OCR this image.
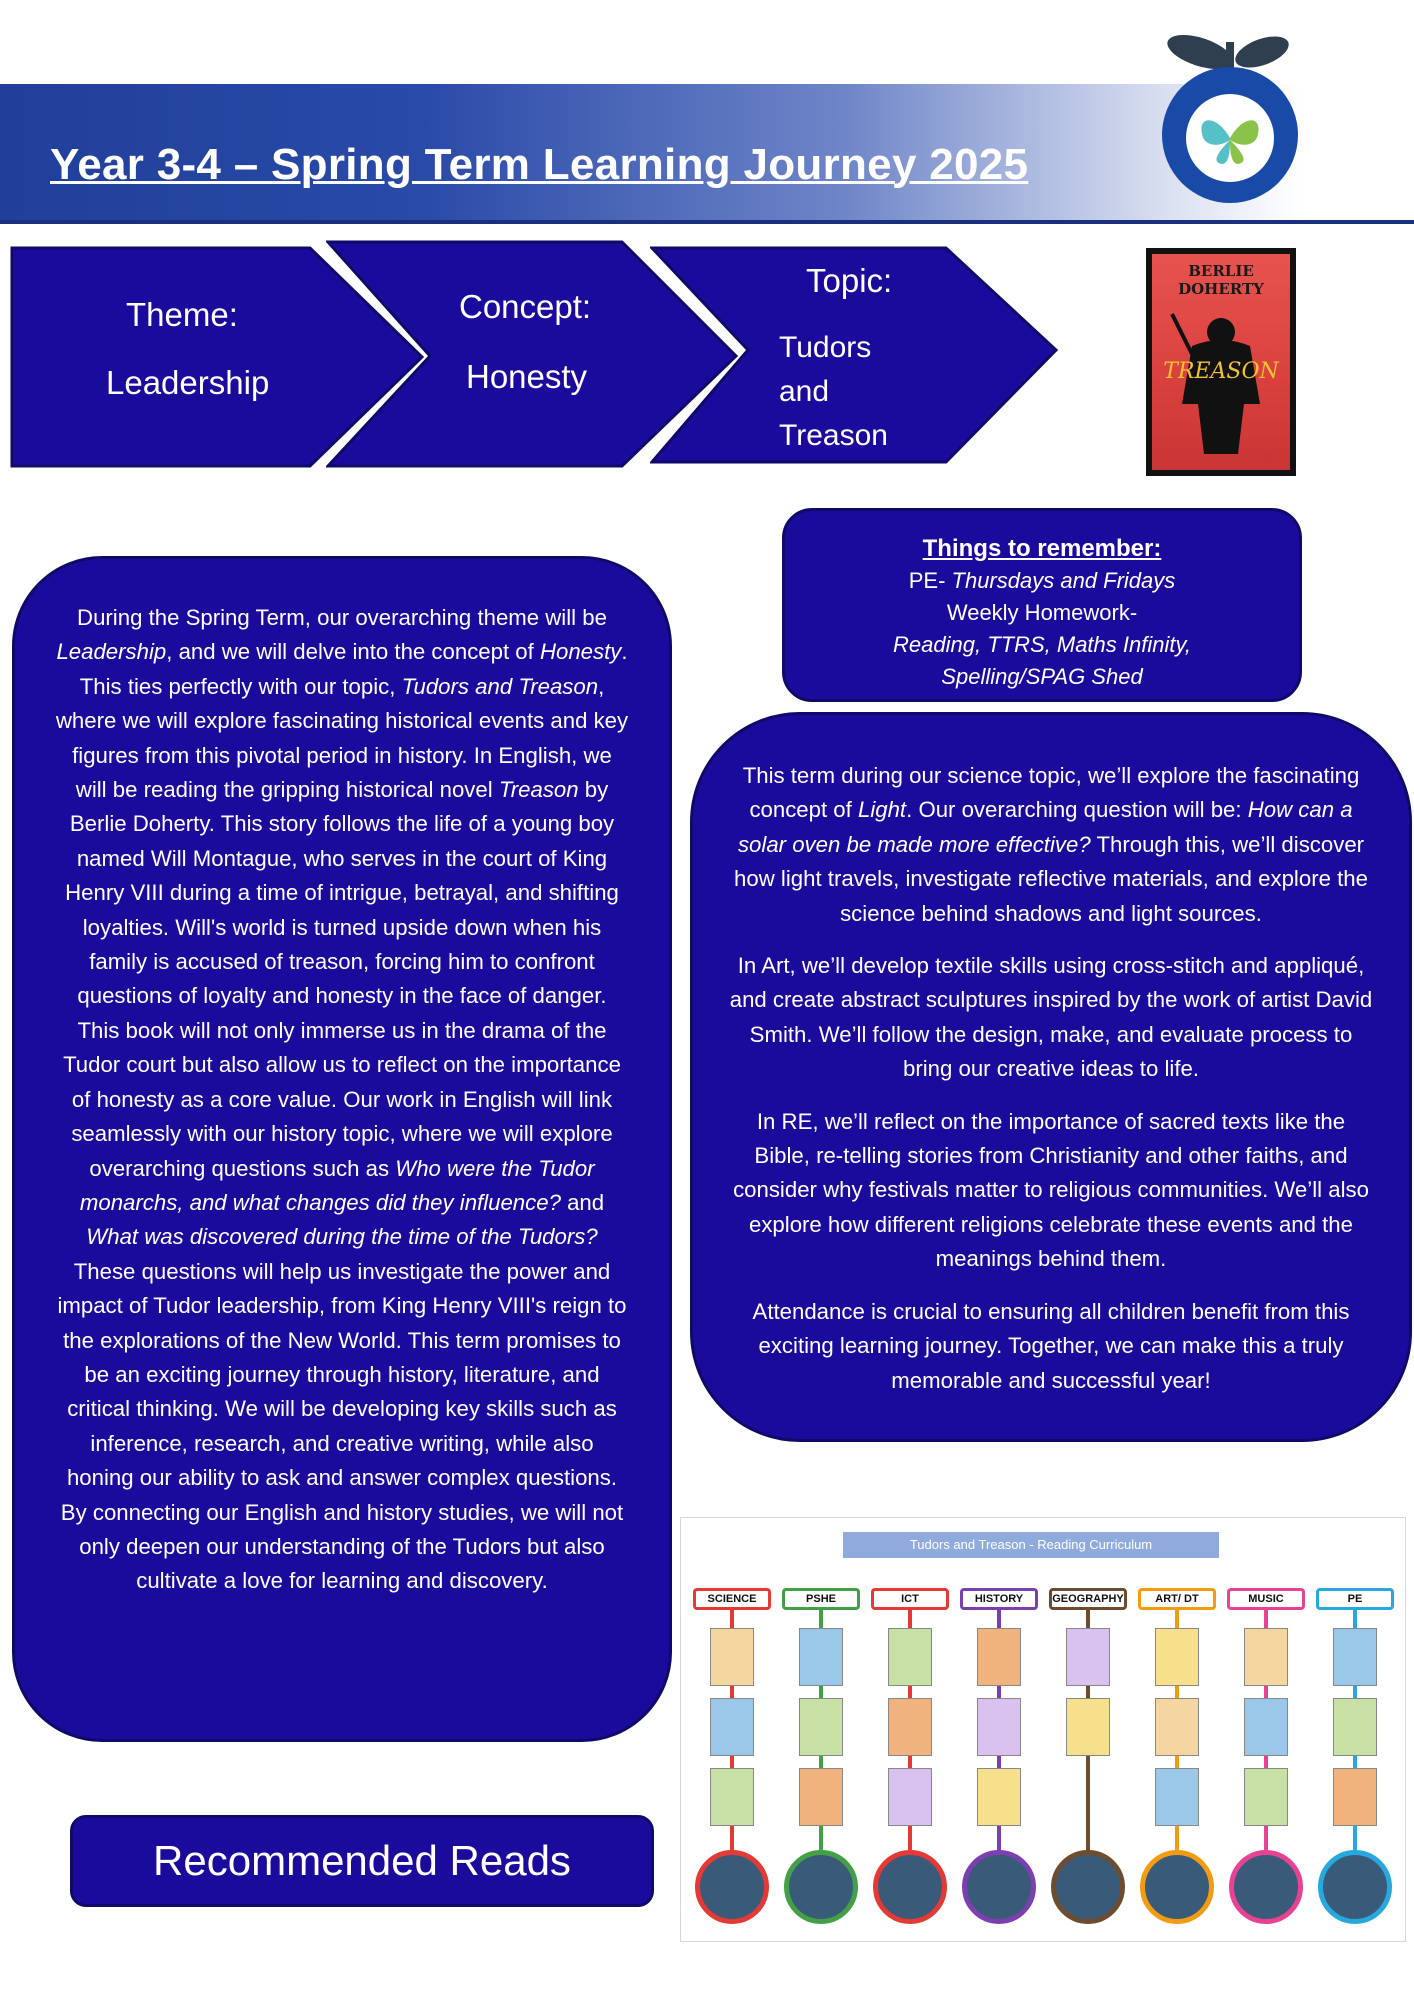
Year 3-4 – Spring Term Learning Journey 2025
Theme:
Leadership
Concept:
Honesty
Topic:
Tudors
and
Treason
BERLIE DOHERTY
TREASON

During the Spring Term, our overarching theme will be Leadership, and we will delve into the concept of Honesty. This ties perfectly with our topic, Tudors and Treason, where we will explore fascinating historical events and key figures from this pivotal period in history. In English, we will be reading the gripping historical novel Treason by Berlie Doherty. This story follows the life of a young boy named Will Montague, who serves in the court of King Henry VIII during a time of intrigue, betrayal, and shifting loyalties. Will's world is turned upside down when his family is accused of treason, forcing him to confront questions of loyalty and honesty in the face of danger. This book will not only immerse us in the drama of the Tudor court but also allow us to reflect on the importance of honesty as a core value. Our work in English will link seamlessly with our history topic, where we will explore overarching questions such as Who were the Tudor monarchs, and what changes did they influence? and What was discovered during the time of the Tudors? These questions will help us investigate the power and impact of Tudor leadership, from King Henry VIII's reign to the explorations of the New World. This term promises to be an exciting journey through history, literature, and critical thinking. We will be developing key skills such as inference, research, and creative writing, while also honing our ability to ask and answer complex questions. By connecting our English and history studies, we will not only deepen our understanding of the Tudors but also cultivate a love for learning and discovery.

Things to remember:
PE- Thursdays and Fridays
Weekly Homework-
Reading, TTRS, Maths Infinity,
Spelling/SPAG Shed

This term during our science topic, we’ll explore the fascinating concept of Light. Our overarching question will be: How can a solar oven be made more effective? Through this, we’ll discover how light travels, investigate reflective materials, and explore the science behind shadows and light sources.

In Art, we’ll develop textile skills using cross-stitch and appliqué, and create abstract sculptures inspired by the work of artist David Smith. We’ll follow the design, make, and evaluate process to bring our creative ideas to life.

In RE, we’ll reflect on the importance of sacred texts like the Bible, re-telling stories from Christianity and other faiths, and consider why festivals matter to religious communities. We’ll also explore how different religions celebrate these events and the meanings behind them.

Attendance is crucial to ensuring all children benefit from this exciting learning journey. Together, we can make this a truly memorable and successful year!

Recommended Reads
Tudors and Treason - Reading Curriculum
SCIENCE	PSHE	ICT	HISTORY	GEOGRAPHY	ART/ DT	MUSIC	PE
